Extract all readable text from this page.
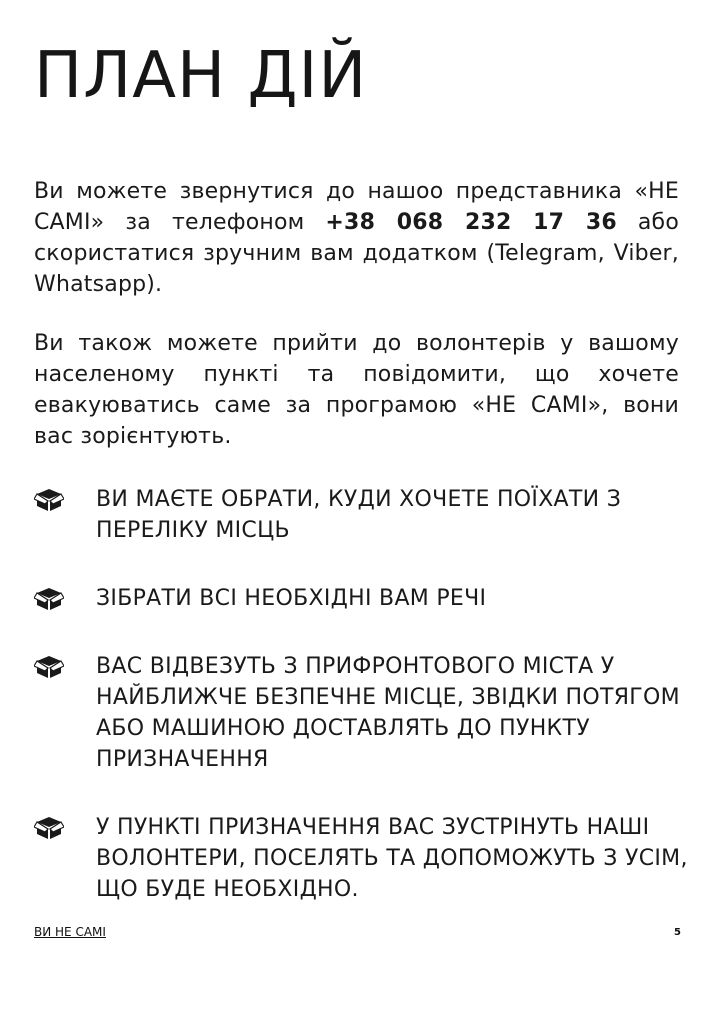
ПЛАН ДІЙ

Ви можете звернутися до нашоо представника «НЕ САМІ» за телефоном +38 068 232 17 36 або скористатися зручним вам додатком (Telegram, Viber, Whatsapp).

Ви також можете прийти до волонтерів у вашому населеному пункті та повідомити, що хочете евакуюватись саме за програмою «НЕ САМІ», вони вас зорієнтують.

ВИ МАЄТЕ ОБРАТИ, КУДИ ХОЧЕТЕ ПОЇХАТИ З ПЕРЕЛІКУ МІСЦЬ
ЗІБРАТИ ВСІ НЕОБХІДНІ ВАМ РЕЧІ
ВАС ВІДВЕЗУТЬ З ПРИФРОНТОВОГО МІСТА У НАЙБЛИЖЧЕ БЕЗПЕЧНЕ МІСЦЕ, ЗВІДКИ ПОТЯГОМ АБО МАШИНОЮ ДОСТАВЛЯТЬ ДО ПУНКТУ ПРИЗНАЧЕННЯ
У ПУНКТІ ПРИЗНАЧЕННЯ ВАС ЗУСТРІНУТЬ НАШІ ВОЛОНТЕРИ, ПОСЕЛЯТЬ ТА ДОПОМОЖУТЬ З УСІМ, ЩО БУДЕ НЕОБХІДНО.
ВИ НЕ САМІ	5
